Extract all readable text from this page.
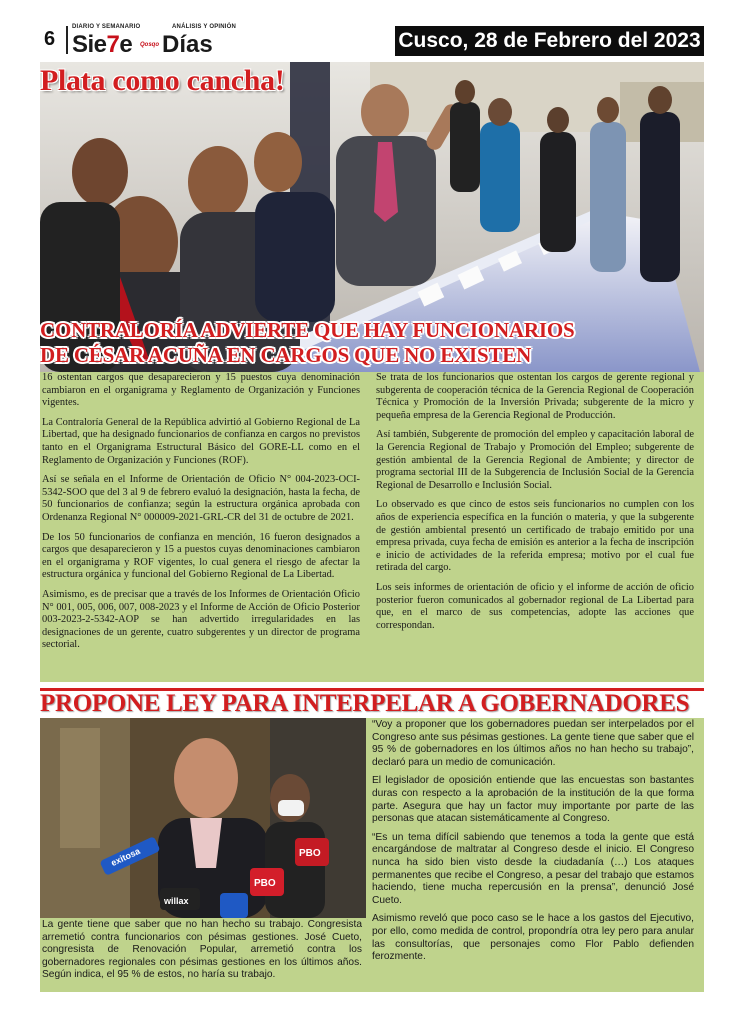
6
DIARIO Y SEMANARIO	ANÁLISIS Y OPINIÓN
Sie7e Qosqo Días	Cusco, 28 de Febrero del 2023
Plata como cancha!
CONTRALORÍA ADVIERTE QUE HAY FUNCIONARIOS
DE CÉSAR ACUÑA EN CARGOS QUE NO EXISTEN

16 ostentan cargos que desaparecieron y 15 puestos cuya denominación cambiaron en el organigrama y Reglamento de Organización y Funciones vigentes.

La Contraloría General de la República advirtió al Gobierno Regional de La Libertad, que ha designado funcionarios de confianza en cargos no previstos tanto en el Organigrama Estructural Básico del GORE-LL como en el Reglamento de Organización y Funciones (ROF).

Así se señala en el Informe de Orientación de Oficio N° 004-2023-OCI-5342-SOO que del 3 al 9 de febrero evaluó la designación, hasta la fecha, de 50 funcionarios de confianza; según la estructura orgánica aprobada con Ordenanza Regional N° 000009-2021-GRL-CR del 31 de octubre de 2021.

De los 50 funcionarios de confianza en mención, 16 fueron designados a cargos que desaparecieron y 15 a puestos cuyas denominaciones cambiaron en el organigrama y ROF vigentes, lo cual genera el riesgo de afectar la estructura orgánica y funcional del Gobierno Regional de La Libertad.

Asimismo, es de precisar que a través de los Informes de Orientación Oficio N° 001, 005, 006, 007, 008-2023 y el Informe de Acción de Oficio Posterior 003-2023-2-5342-AOP se han advertido irregularidades en las designaciones de un gerente, cuatro subgerentes y un director de programa sectorial.

Se trata de los funcionarios que ostentan los cargos de gerente regional y subgerenta de cooperación técnica de la Gerencia Regional de Cooperación Técnica y Promoción de la Inversión Privada; subgerente de la micro y pequeña empresa de la Gerencia Regional de Producción.

Así también, Subgerente de promoción del empleo y capacitación laboral de la Gerencia Regional de Trabajo y Promoción del Empleo; subgerente de gestión ambiental de la Gerencia Regional de Ambiente; y director de programa sectorial III de la Subgerencia de Inclusión Social de la Gerencia Regional de Desarrollo e Inclusión Social.

Lo observado es que cinco de estos seis funcionarios no cumplen con los años de experiencia específica en la función o materia, y que la subgerente de gestión ambiental presentó un certificado de trabajo emitido por una empresa privada, cuya fecha de emisión es anterior a la fecha de inscripción e inicio de actividades de la referida empresa; motivo por el cual fue retirada del cargo.

Los seis informes de orientación de oficio y el informe de acción de oficio posterior fueron comunicados al gobernador regional de La Libertad para que, en el marco de sus competencias, adopte las acciones que correspondan.

PROPONE LEY PARA INTERPELAR A GOBERNADORES
exitosa
PBO
PBO
willax
La gente tiene que saber que no han hecho su trabajo. Congresista arremetió contra funcionarios con pésimas gestiones. José Cueto, congresista de Renovación Popular, arremetió contra los gobernadores regionales con pésimas gestiones en los últimos años. Según indica, el 95 % de estos, no haría su trabajo.

“Voy a proponer que los gobernadores puedan ser interpelados por el Congreso ante sus pésimas gestiones. La gente tiene que saber que el 95 % de gobernadores en los últimos años no han hecho su trabajo”, declaró para un medio de comunicación.

El legislador de oposición entiende que las encuestas son bastantes duras con respecto a la aprobación de la institución de la que forma parte. Asegura que hay un factor muy importante por parte de las personas que atacan sistemáticamente al Congreso.

“Es un tema difícil sabiendo que tenemos a toda la gente que está encargándose de maltratar al Congreso desde el inicio. El Congreso nunca ha sido bien visto desde la ciudadanía (…) Los ataques permanentes que recibe el Congreso, a pesar del trabajo que estamos haciendo, tiene mucha repercusión en la prensa”, denunció José Cueto.

Asimismo reveló que poco caso se le hace a los gastos del Ejecutivo, por ello, como medida de control, propondría otra ley pero para anular las consultorías, que personajes como Flor Pablo defienden ferozmente.
